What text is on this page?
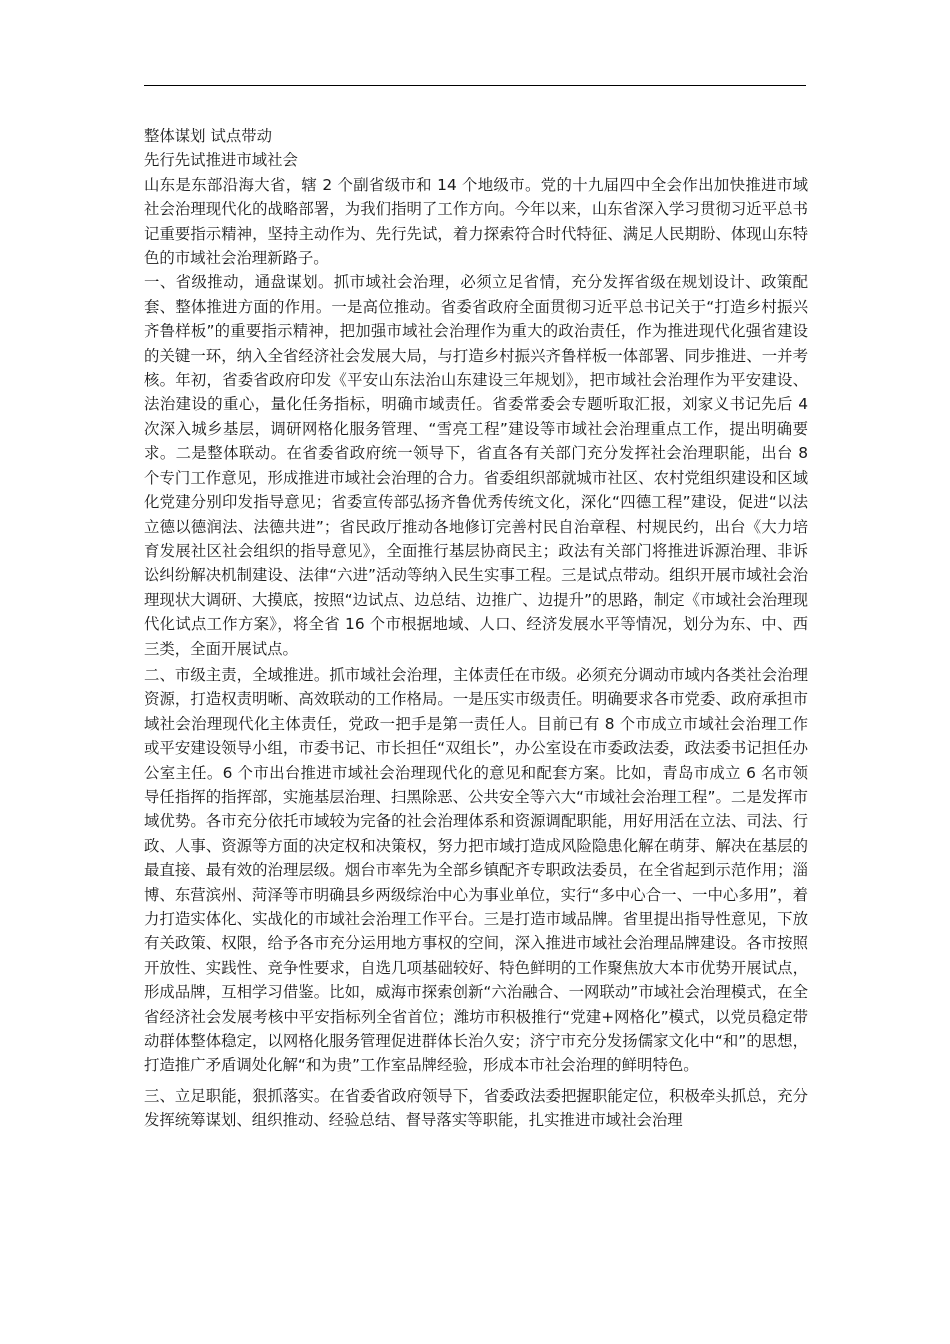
整体谋划 试点带动

先行先试推进市域社会

山东是东部沿海大省，辖 2 个副省级市和 14 个地级市。党的十九届四中全会作出加快推进市域社会治理现代化的战略部署，为我们指明了工作方向。今年以来，山东省深入学习贯彻习近平总书记重要指示精神，坚持主动作为、先行先试，着力探索符合时代特征、满足人民期盼、体现山东特色的市域社会治理新路子。

一、省级推动，通盘谋划。抓市域社会治理，必须立足省情，充分发挥省级在规划设计、政策配套、整体推进方面的作用。一是高位推动。省委省政府全面贯彻习近平总书记关于“打造乡村振兴齐鲁样板”的重要指示精神，把加强市域社会治理作为重大的政治责任，作为推进现代化强省建设的关键一环，纳入全省经济社会发展大局，与打造乡村振兴齐鲁样板一体部署、同步推进、一并考核。年初，省委省政府印发《平安山东法治山东建设三年规划》，把市域社会治理作为平安建设、法治建设的重心，量化任务指标，明确市域责任。省委常委会专题听取汇报，刘家义书记先后 4 次深入城乡基层，调研网格化服务管理、“雪亮工程”建设等市域社会治理重点工作，提出明确要求。二是整体联动。在省委省政府统一领导下，省直各有关部门充分发挥社会治理职能，出台 8 个专门工作意见，形成推进市域社会治理的合力。省委组织部就城市社区、农村党组织建设和区域化党建分别印发指导意见；省委宣传部弘扬齐鲁优秀传统文化，深化“四德工程”建设，促进“以法立德以德润法、法德共进”；省民政厅推动各地修订完善村民自治章程、村规民约，出台《大力培育发展社区社会组织的指导意见》，全面推行基层协商民主；政法有关部门将推进诉源治理、非诉讼纠纷解决机制建设、法律“六进”活动等纳入民生实事工程。三是试点带动。组织开展市域社会治理现状大调研、大摸底，按照“边试点、边总结、边推广、边提升”的思路，制定《市域社会治理现代化试点工作方案》，将全省 16 个市根据地域、人口、经济发展水平等情况，划分为东、中、西三类，全面开展试点。

二、市级主责，全域推进。抓市域社会治理，主体责任在市级。必须充分调动市域内各类社会治理资源，打造权责明晰、高效联动的工作格局。一是压实市级责任。明确要求各市党委、政府承担市域社会治理现代化主体责任，党政一把手是第一责任人。目前已有 8 个市成立市域社会治理工作或平安建设领导小组，市委书记、市长担任“双组长”，办公室设在市委政法委，政法委书记担任办公室主任。6 个市出台推进市域社会治理现代化的意见和配套方案。比如，青岛市成立 6 名市领导任指挥的指挥部，实施基层治理、扫黑除恶、公共安全等六大“市域社会治理工程”。二是发挥市域优势。各市充分依托市域较为完备的社会治理体系和资源调配职能，用好用活在立法、司法、行政、人事、资源等方面的决定权和决策权，努力把市域打造成风险隐患化解在萌芽、解决在基层的最直接、最有效的治理层级。烟台市率先为全部乡镇配齐专职政法委员，在全省起到示范作用；淄博、东营滨州、菏泽等市明确县乡两级综治中心为事业单位，实行“多中心合一、一中心多用”，着力打造实体化、实战化的市域社会治理工作平台。三是打造市域品牌。省里提出指导性意见，下放有关政策、权限，给予各市充分运用地方事权的空间，深入推进市域社会治理品牌建设。各市按照开放性、实践性、竞争性要求，自选几项基础较好、特色鲜明的工作聚焦放大本市优势开展试点，形成品牌，互相学习借鉴。比如，威海市探索创新“六治融合、一网联动”市域社会治理模式，在全省经济社会发展考核中平安指标列全省首位；潍坊市积极推行“党建+网格化”模式，以党员稳定带动群体整体稳定，以网格化服务管理促进群体长治久安；济宁市充分发扬儒家文化中“和”的思想，打造推广矛盾调处化解“和为贵”工作室品牌经验，形成本市社会治理的鲜明特色。

三、立足职能，狠抓落实。在省委省政府领导下，省委政法委把握职能定位，积极牵头抓总，充分发挥统筹谋划、组织推动、经验总结、督导落实等职能，扎实推进市域社会治理
